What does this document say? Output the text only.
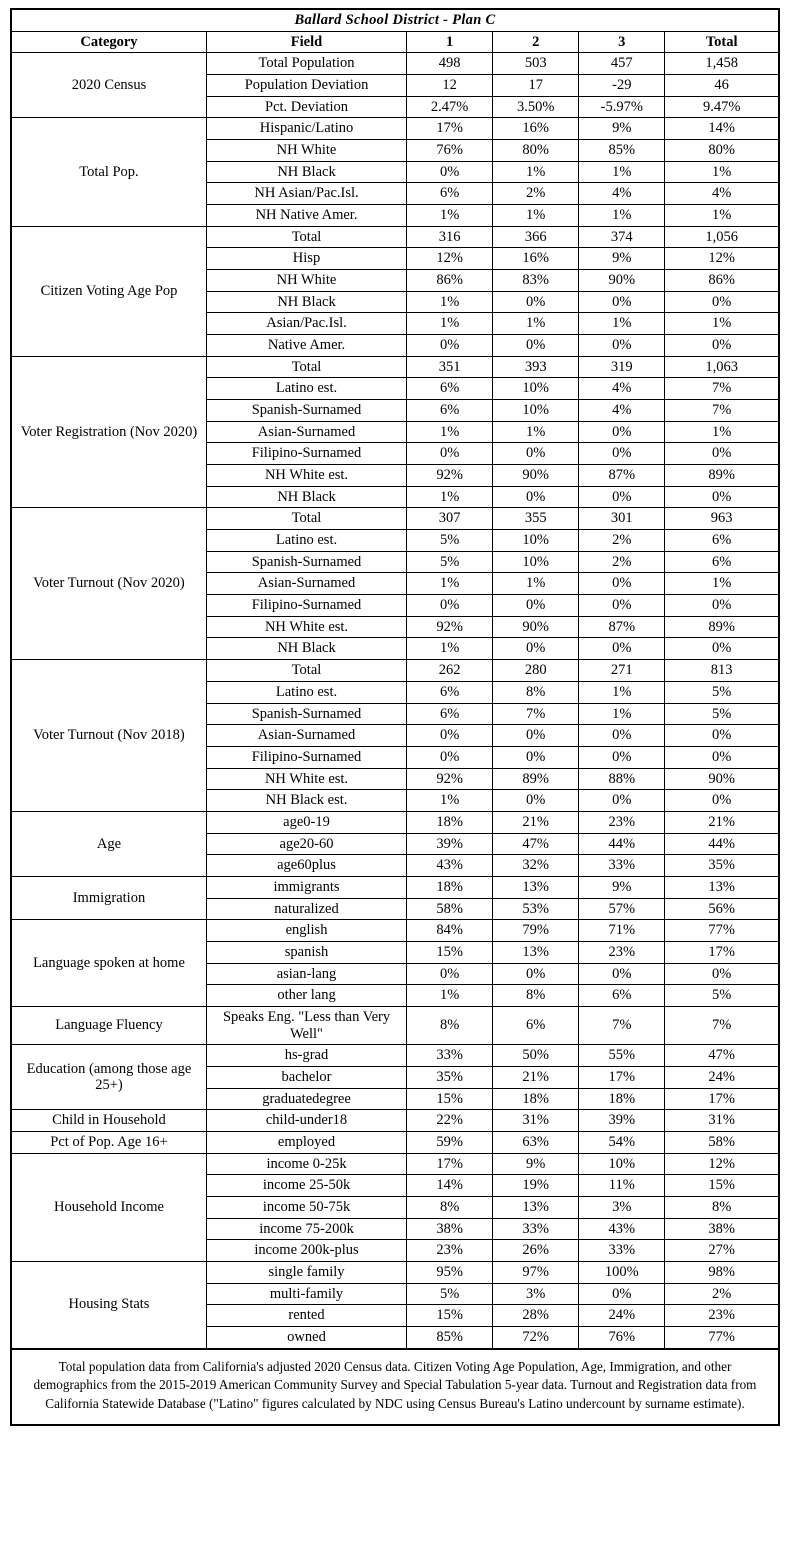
Ballard School District - Plan C					
Category	Field	1	2	3	Total
2020 Census	Total Population	498	503	457	1,458
	Population Deviation	12	17	-29	46
	Pct. Deviation	2.47%	3.50%	-5.97%	9.47%
Total Pop.	Hispanic/Latino	17%	16%	9%	14%
	NH White	76%	80%	85%	80%
	NH Black	0%	1%	1%	1%
	NH Asian/Pac.Isl.	6%	2%	4%	4%
	NH Native Amer.	1%	1%	1%	1%
Citizen Voting Age Pop	Total	316	366	374	1,056
	Hisp	12%	16%	9%	12%
	NH White	86%	83%	90%	86%
	NH Black	1%	0%	0%	0%
	Asian/Pac.Isl.	1%	1%	1%	1%
	Native Amer.	0%	0%	0%	0%
Voter Registration (Nov 2020)	Total	351	393	319	1,063
	Latino est.	6%	10%	4%	7%
	Spanish-Surnamed	6%	10%	4%	7%
	Asian-Surnamed	1%	1%	0%	1%
	Filipino-Surnamed	0%	0%	0%	0%
	NH White est.	92%	90%	87%	89%
	NH Black	1%	0%	0%	0%
Voter Turnout (Nov 2020)	Total	307	355	301	963
	Latino est.	5%	10%	2%	6%
	Spanish-Surnamed	5%	10%	2%	6%
	Asian-Surnamed	1%	1%	0%	1%
	Filipino-Surnamed	0%	0%	0%	0%
	NH White est.	92%	90%	87%	89%
	NH Black	1%	0%	0%	0%
Voter Turnout (Nov 2018)	Total	262	280	271	813
	Latino est.	6%	8%	1%	5%
	Spanish-Surnamed	6%	7%	1%	5%
	Asian-Surnamed	0%	0%	0%	0%
	Filipino-Surnamed	0%	0%	0%	0%
	NH White est.	92%	89%	88%	90%
	NH Black est.	1%	0%	0%	0%
Age	age0-19	18%	21%	23%	21%
	age20-60	39%	47%	44%	44%
	age60plus	43%	32%	33%	35%
Immigration	immigrants	18%	13%	9%	13%
	naturalized	58%	53%	57%	56%
Language spoken at home	english	84%	79%	71%	77%
	spanish	15%	13%	23%	17%
	asian-lang	0%	0%	0%	0%
	other lang	1%	8%	6%	5%
Language Fluency	Speaks Eng. "Less than Very Well"	8%	6%	7%	7%
Education (among those age 25+)	hs-grad	33%	50%	55%	47%
	bachelor	35%	21%	17%	24%
	graduatedegree	15%	18%	18%	17%
Child in Household	child-under18	22%	31%	39%	31%
Pct of Pop. Age 16+	employed	59%	63%	54%	58%
Household Income	income 0-25k	17%	9%	10%	12%
	income 25-50k	14%	19%	11%	15%
	income 50-75k	8%	13%	3%	8%
	income 75-200k	38%	33%	43%	38%
	income 200k-plus	23%	26%	33%	27%
Housing Stats	single family	95%	97%	100%	98%
	multi-family	5%	3%	0%	2%
	rented	15%	28%	24%	23%
	owned	85%	72%	76%	77%
Total population data from California's adjusted 2020 Census data. Citizen Voting Age Population, Age, Immigration, and other demographics from the 2015-2019 American Community Survey and Special Tabulation 5-year data. Turnout and Registration data from California Statewide Database ("Latino" figures calculated by NDC using Census Bureau's Latino undercount by surname estimate).
